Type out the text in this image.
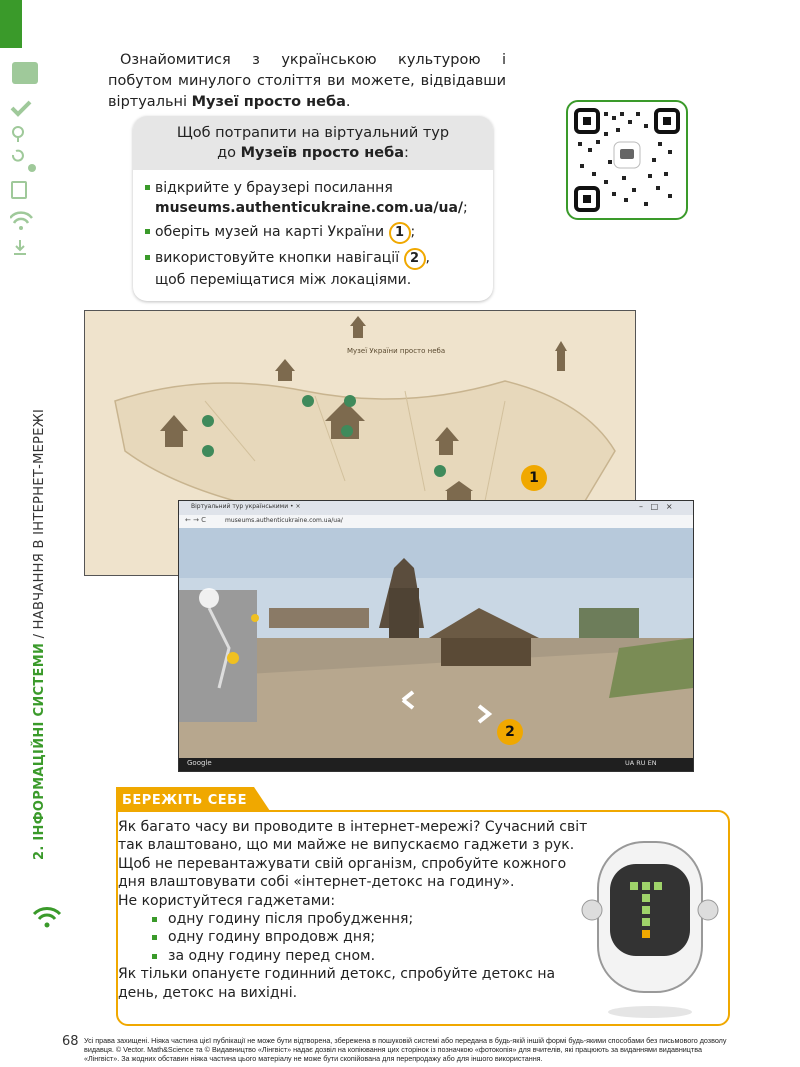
2. ІНФОРМАЦІЙНІ СИСТЕМИ / НАВЧАННЯ В ІНТЕРНЕТ-МЕРЕЖІ
Ознайомитися з українською культурою і побутом минулого століття ви можете, відвідавши віртуальні Музеї просто неба.
Щоб потрапити на віртуальний тур
до Музеїв просто неба:
відкрийте у браузері посилання
museums.authenticukraine.com.ua/ua/;
оберіть музей на карті України 1 ;
використовуйте кнопки навігації 2 ,
щоб переміщатися між локаціями.
Музеї України просто неба
1
Віртуальний тур українськими • ×	–   □   ×
← → C	museums.authenticukraine.com.ua/ua/
Google	UA RU EN
2
БЕРЕЖІТЬ СЕБЕ
Як багато часу ви проводите в інтернет-мережі? Сучасний світ так влаштовано, що ми майже не випускаємо гаджети з рук. Щоб не перевантажувати свій організм, спробуйте кожного дня влаштовувати собі «інтернет-детокс на годину».
Не користуйтеся гаджетами:
одну годину після пробудження;
одну годину впродовж дня;
за одну годину перед сном.
Як тільки опануєте годинний детокс, спробуйте детокс на день, детокс на вихідні.
68 Усі права захищені. Ніяка частина цієї публікації не може бути відтворена, збережена в пошуковій системі або передана в будь-якій іншій формі будь-якими способами без письмового дозволу видавця. © Vector. Math&Science та © Видавництво «Лінгвіст» надає дозвіл на копіювання цих сторінок із позначкою «фотокопія» для вчителів, які працюють за виданнями видавництва «Лінгвіст». За жодних обставин ніяка частина цього матеріалу не може бути скопійована для перепродажу або для іншого використання.
